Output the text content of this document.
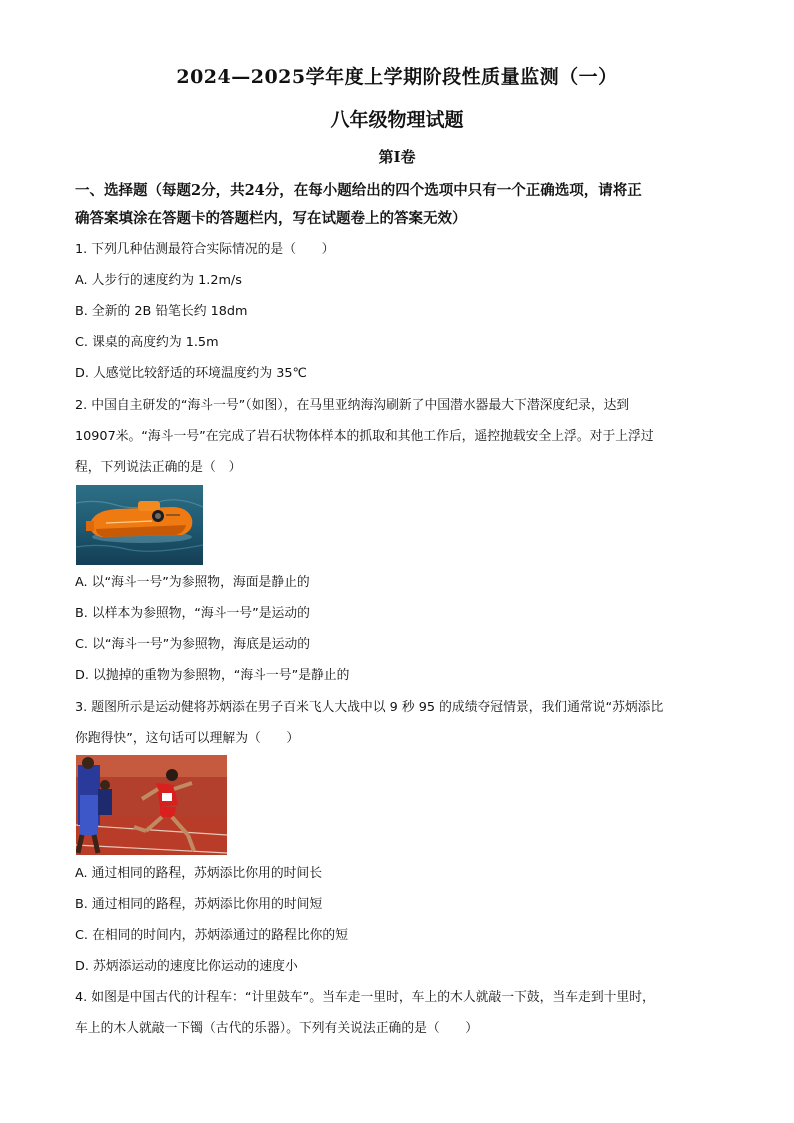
2024—2025学年度上学期阶段性质量监测（一）
八年级物理试题
第Ⅰ卷
一、选择题（每题2分，共24分，在每小题给出的四个选项中只有一个正确选项，请将正
确答案填涂在答题卡的答题栏内，写在试题卷上的答案无效）
1. 下列几种估测最符合实际情况的是（　　）
A. 人步行的速度约为 1.2m/s
B. 全新的 2B 铅笔长约 18dm
C. 课桌的高度约为 1.5m
D. 人感觉比较舒适的环境温度约为 35℃
2. 中国自主研发的“海斗一号”（如图），在马里亚纳海沟刷新了中国潜水器最大下潜深度纪录，达到
10907米。“海斗一号”在完成了岩石状物体样本的抓取和其他工作后，遥控抛载安全上浮。对于上浮过
程，下列说法正确的是（　）
A. 以“海斗一号”为参照物，海面是静止的
B. 以样本为参照物，“海斗一号”是运动的
C. 以“海斗一号”为参照物，海底是运动的
D. 以抛掉的重物为参照物，“海斗一号”是静止的
3. 题图所示是运动健将苏炳添在男子百米飞人大战中以 9 秒 95 的成绩夺冠情景，我们通常说“苏炳添比
你跑得快”，这句话可以理解为（　　）
A. 通过相同的路程，苏炳添比你用的时间长
B. 通过相同的路程，苏炳添比你用的时间短
C. 在相同的时间内，苏炳添通过的路程比你的短
D. 苏炳添运动的速度比你运动的速度小
4. 如图是中国古代的计程车：“计里鼓车”。当车走一里时，车上的木人就敲一下鼓，当车走到十里时，
车上的木人就敲一下镯（古代的乐器）。下列有关说法正确的是（　　）
